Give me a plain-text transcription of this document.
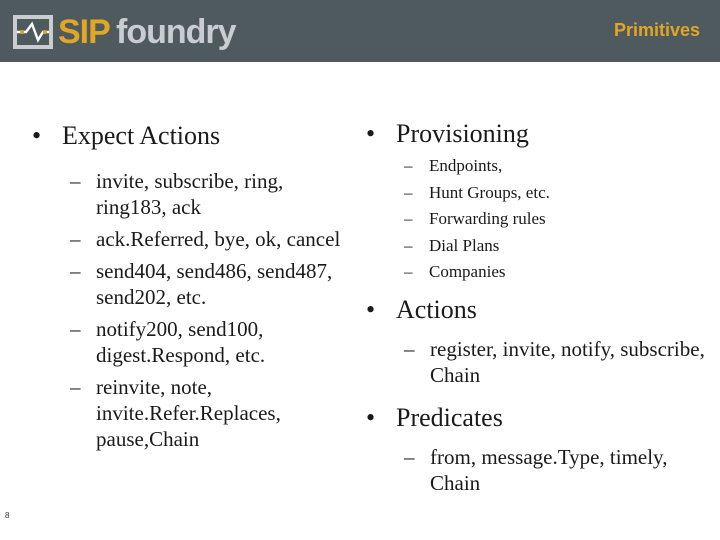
SIP foundry	Primitives
• Expect Actions
– invite, subscribe, ring, ring183, ack
– ack.Referred, bye, ok, cancel
– send404, send486, send487, send202, etc.
– notify200, send100, digest.Respond, etc.
– reinvite, note, invite.Refer.Replaces, pause,Chain
• Provisioning
– Endpoints,
– Hunt Groups, etc.
– Forwarding rules
– Dial Plans
– Companies
• Actions
– register, invite, notify, subscribe, Chain
• Predicates
– from, message.Type, timely, Chain
8
